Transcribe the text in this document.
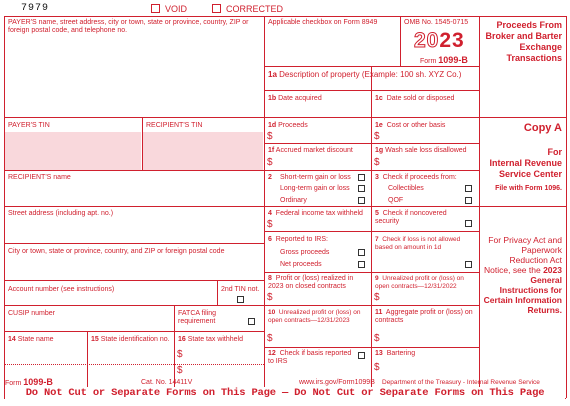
7979	VOID	CORRECTED
PAYER'S name, street address, city or town, state or province, country, ZIP or foreign postal code, and telephone no.
Applicable checkbox on Form 8949	OMB No. 1545-0715
2023
Form 1099-B
Proceeds From Broker and Barter Exchange Transactions
Copy A
For
Internal Revenue Service Center
File with Form 1096.
For Privacy Act and Paperwork Reduction Act Notice, see the 2023 General Instructions for Certain Information Returns.
1a Description of property (Example: 100 sh. XYZ Co.)
1b Date acquired	1c Date sold or disposed
1d Proceeds
$
1e Cost or other basis
$
1f Accrued market discount
$
1g Wash sale loss disallowed
$
2 Short-term gain or loss
Long-term gain or loss
Ordinary
3 Check if proceeds from:
Collectibles
QOF
4 Federal income tax withheld
$
5 Check if noncovered security
6 Reported to IRS:
Gross proceeds
Net proceeds
7 Check if loss is not allowed based on amount in 1d
8 Profit or (loss) realized in 2023 on closed contracts
$
9 Unrealized profit or (loss) on open contracts—12/31/2022
$
10 Unrealized profit or (loss) on open contracts—12/31/2023
$
11 Aggregate profit or (loss) on contracts
$
12 Check if basis reported to IRS
13 Bartering
$
PAYER'S TIN	RECIPIENT'S TIN
RECIPIENT'S name
Street address (including apt. no.)
City or town, state or province, country, and ZIP or foreign postal code
Account number (see instructions)	2nd TIN not.
CUSIP number	FATCA filing requirement
14 State name	15 State identification no. 16 State tax withheld
$
$
Form 1099-B	Cat. No. 14411V	www.irs.gov/Form1099B Department of the Treasury - Internal Revenue Service
Do Not Cut or Separate Forms on This Page — Do Not Cut or Separate Forms on This Page
